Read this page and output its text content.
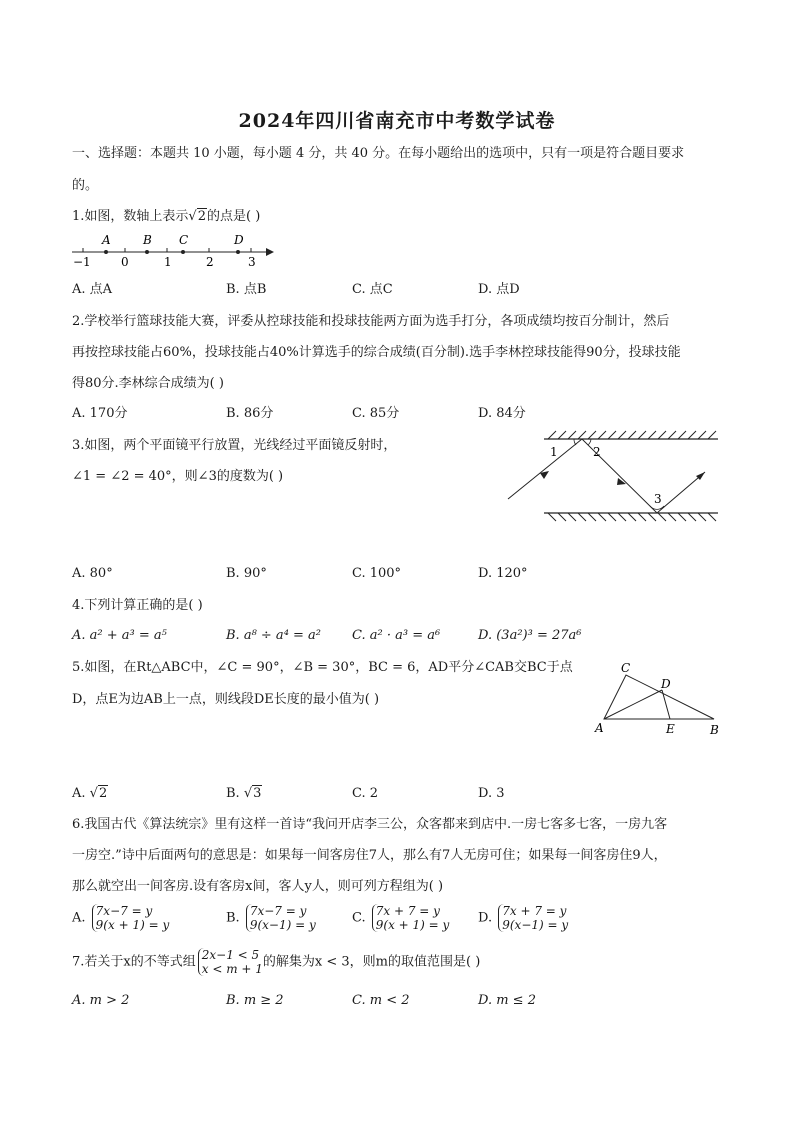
2024年四川省南充市中考数学试卷
一、选择题：本题共 10 小题，每小题 4 分，共 40 分。在每小题给出的选项中，只有一项是符合题目要求
的。
1.如图，数轴上表示√2的点是( )
A	B C	D
−1	0	1	2	3
A. 点A	B. 点B	C. 点C	D. 点D
2.学校举行篮球技能大赛，评委从控球技能和投球技能两方面为选手打分，各项成绩均按百分制计，然后
再按控球技能占60%，投球技能占40%计算选手的综合成绩(百分制).选手李林控球技能得90分，投球技能
得80分.李林综合成绩为( )
A. 170分	B. 86分	C. 85分	D. 84分
3.如图，两个平面镜平行放置，光线经过平面镜反射时，
∠1 = ∠2 = 40°，则∠3的度数为( )
1	2
3
A. 80°	B. 90°	C. 100°	D. 120°
4.下列计算正确的是( )
A. a² + a³ = a⁵	B. a⁸ ÷ a⁴ = a² C. a² · a³ = a⁶	D. (3a²)³ = 27a⁶
5.如图，在Rt△ABC中，∠C = 90°，∠B = 30°，BC = 6，AD平分∠CAB交BC于点
D，点E为边AB上一点，则线段DE长度的最小值为( )
C
D
A	E	B
A. √2	B. √3	C. 2	D. 3
6.我国古代《算法统宗》里有这样一首诗“我问开店李三公，众客都来到店中.一房七客多七客，一房九客
一房空.”诗中后面两句的意思是：如果每一间客房住7人，那么有7人无房可住；如果每一间客房住9人，
那么就空出一间客房.设有客房x间，客人y人，则可列方程组为( )
A. 7x−7 = y
9(x + 1) = y	B. 7x−7 = y
9(x−1) = y	C. 7x + 7 = y
9(x + 1) = y D. 7x + 7 = y
9(x−1) = y
7.若关于x的不等式组 2x−1 < 5
x < m + 1的解集为x < 3，则m的取值范围是( )
A. m > 2	B. m ≥ 2	C. m < 2	D. m ≤ 2
